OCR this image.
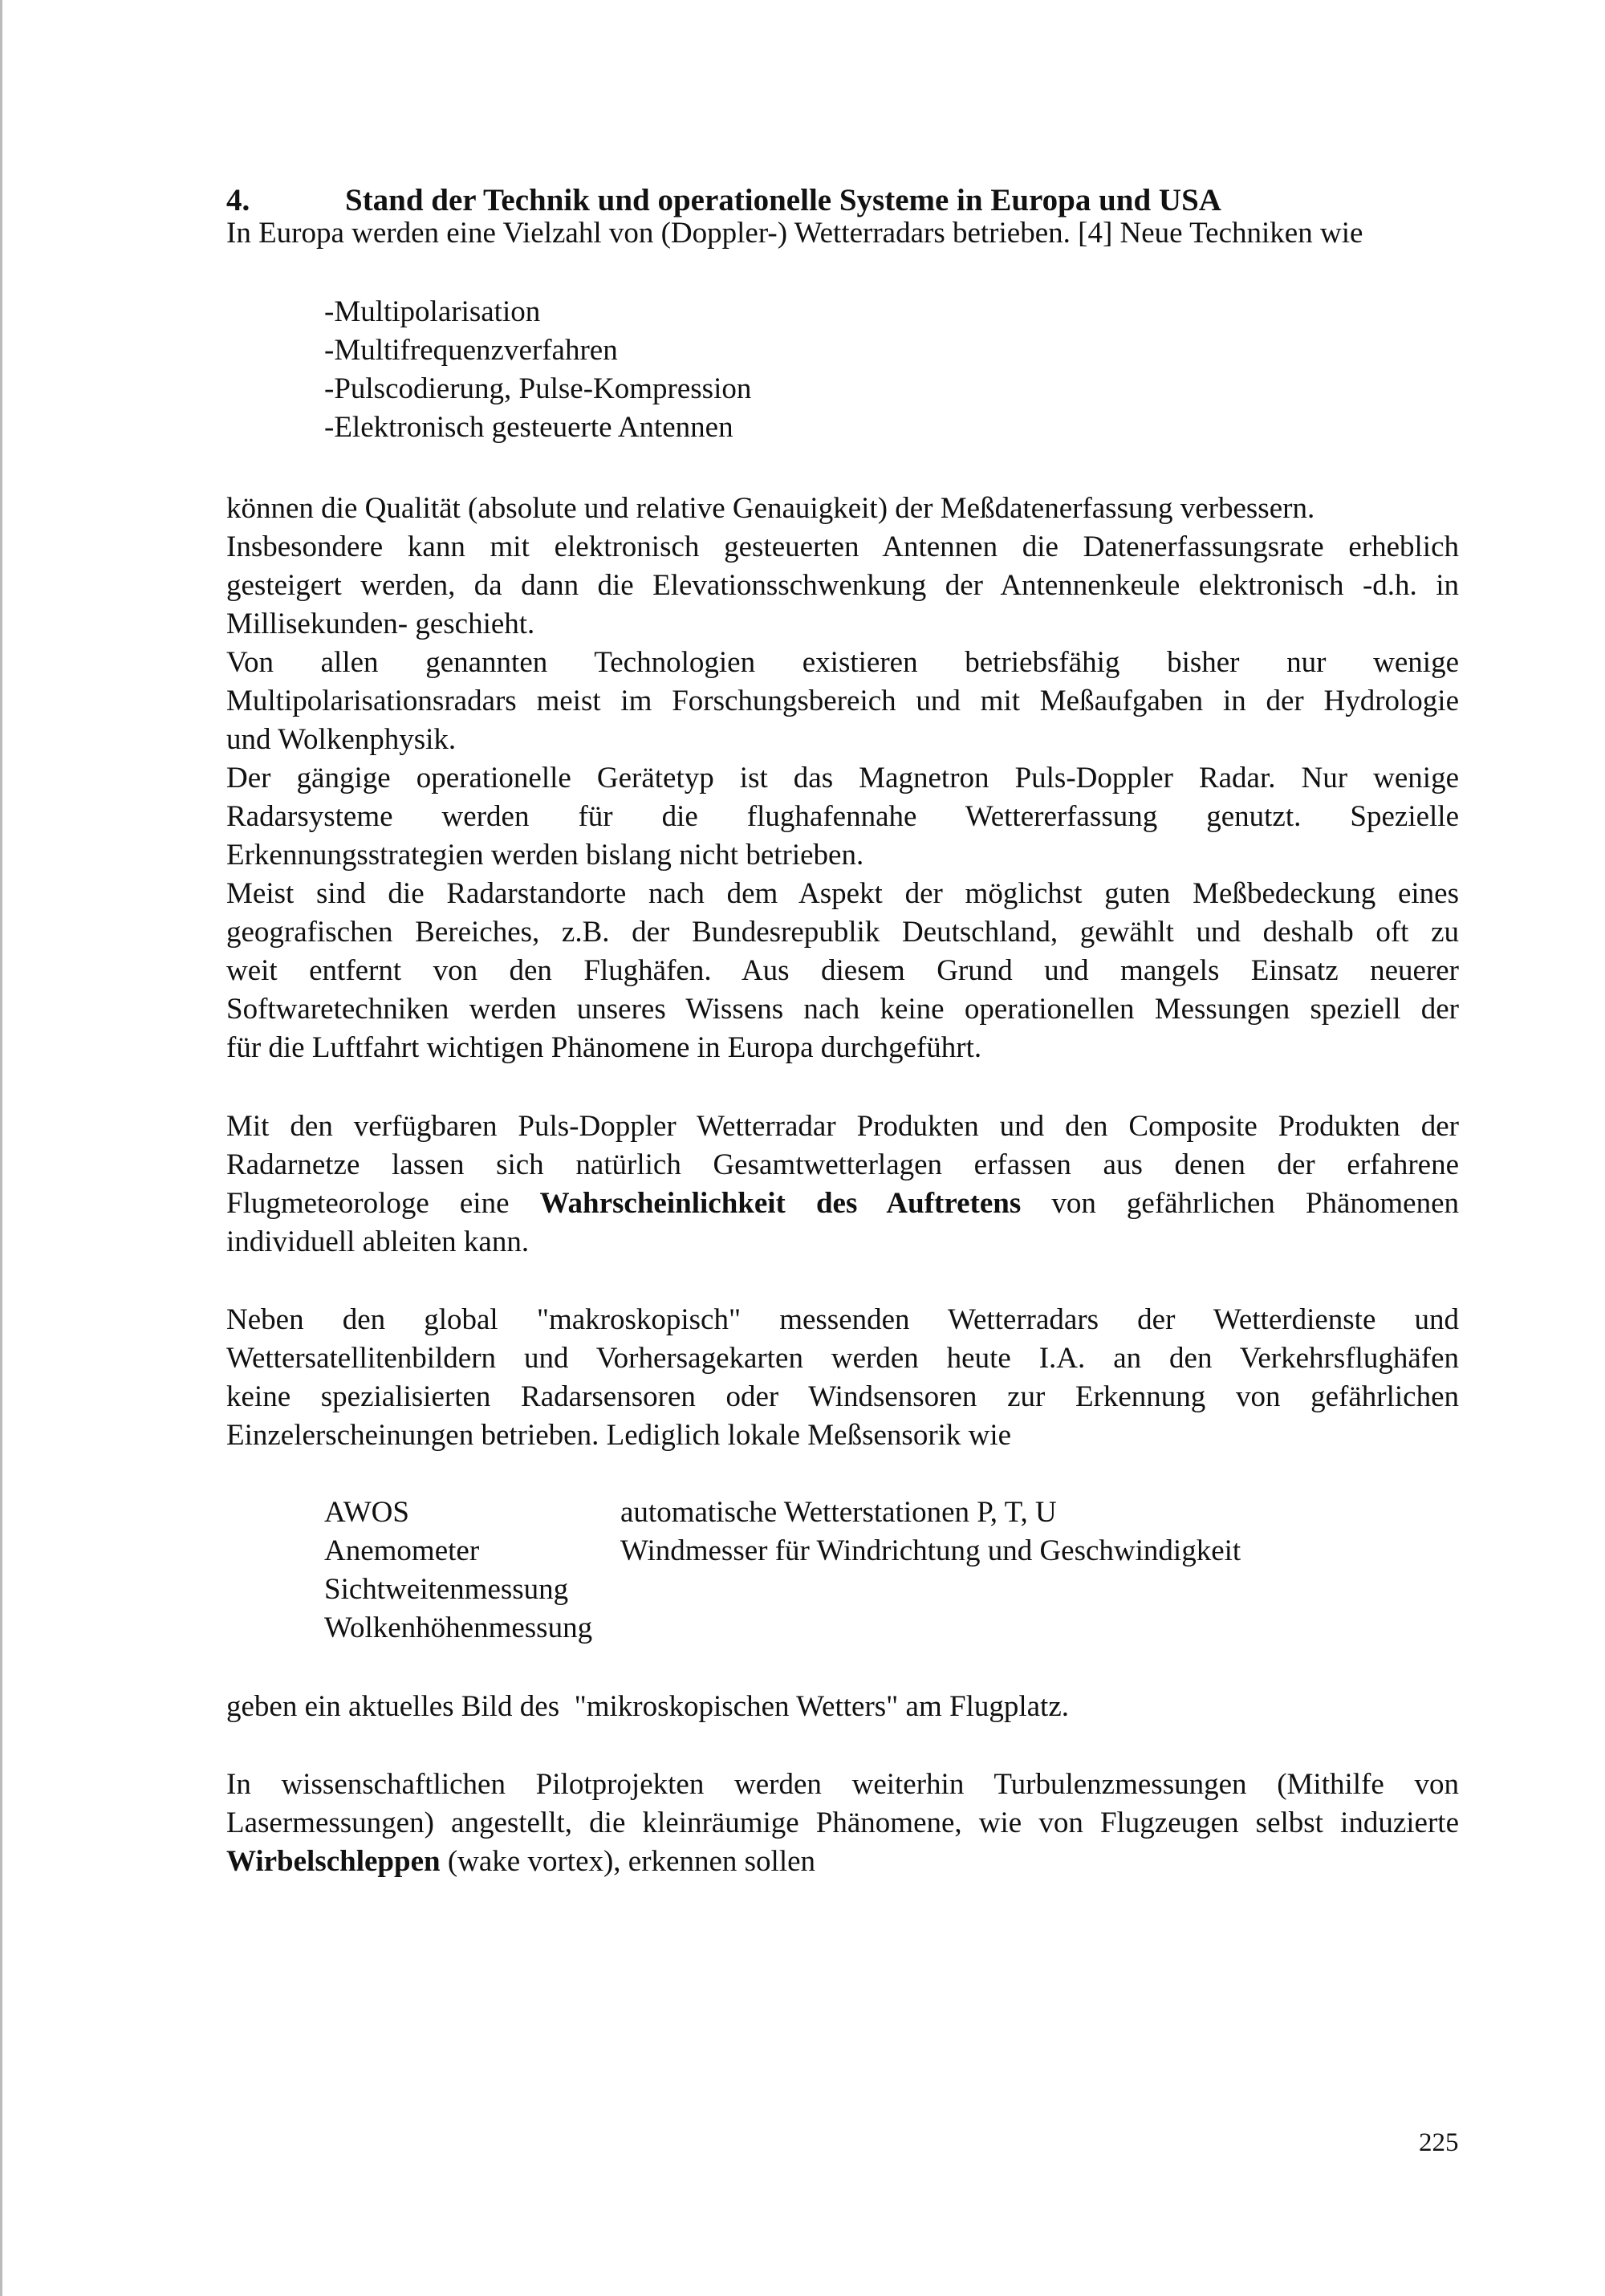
4.	Stand der Technik und operationelle Systeme in Europa und USA
In Europa werden eine Vielzahl von (Doppler-) Wetterradars betrieben. [4] Neue Techniken wie
-Multipolarisation
-Multifrequenzverfahren
-Pulscodierung, Pulse-Kompression
-Elektronisch gesteuerte Antennen
können die Qualität (absolute und relative Genauigkeit) der Meßdatenerfassung verbessern.
Insbesondere kann mit elektronisch gesteuerten Antennen die Datenerfassungsrate erheblich
gesteigert werden, da dann die Elevationsschwenkung der Antennenkeule elektronisch -d.h. in
Millisekunden- geschieht.
Von allen genannten Technologien existieren betriebsfähig bisher nur wenige
Multipolarisationsradars meist im Forschungsbereich und mit Meßaufgaben in der Hydrologie
und Wolkenphysik.
Der gängige operationelle Gerätetyp ist das Magnetron Puls-Doppler Radar. Nur wenige
Radarsysteme werden für die flughafennahe Wettererfassung genutzt. Spezielle
Erkennungsstrategien werden bislang nicht betrieben.
Meist sind die Radarstandorte nach dem Aspekt der möglichst guten Meßbedeckung eines
geografischen Bereiches, z.B. der Bundesrepublik Deutschland, gewählt und deshalb oft zu
weit entfernt von den Flughäfen. Aus diesem Grund und mangels Einsatz neuerer
Softwaretechniken werden unseres Wissens nach keine operationellen Messungen speziell der
für die Luftfahrt wichtigen Phänomene in Europa durchgeführt.
Mit den verfügbaren Puls-Doppler Wetterradar Produkten und den Composite Produkten der
Radarnetze lassen sich natürlich Gesamtwetterlagen erfassen aus denen der erfahrene
Flugmeteorologe eine Wahrscheinlichkeit des Auftretens von gefährlichen Phänomenen
individuell ableiten kann.
Neben den global "makroskopisch" messenden Wetterradars der Wetterdienste und
Wettersatellitenbildern und Vorhersagekarten werden heute I.A. an den Verkehrsflughäfen
keine spezialisierten Radarsensoren oder Windsensoren zur Erkennung von gefährlichen
Einzelerscheinungen betrieben. Lediglich lokale Meßsensorik wie
AWOS	automatische Wetterstationen P, T, U
Anemometer	Windmesser für Windrichtung und Geschwindigkeit
Sichtweitenmessung
Wolkenhöhenmessung
geben ein aktuelles Bild des  "mikroskopischen Wetters" am Flugplatz.
In wissenschaftlichen Pilotprojekten werden weiterhin Turbulenzmessungen (Mithilfe von
Lasermessungen) angestellt, die kleinräumige Phänomene, wie von Flugzeugen selbst induzierte
Wirbelschleppen (wake vortex), erkennen sollen
225
